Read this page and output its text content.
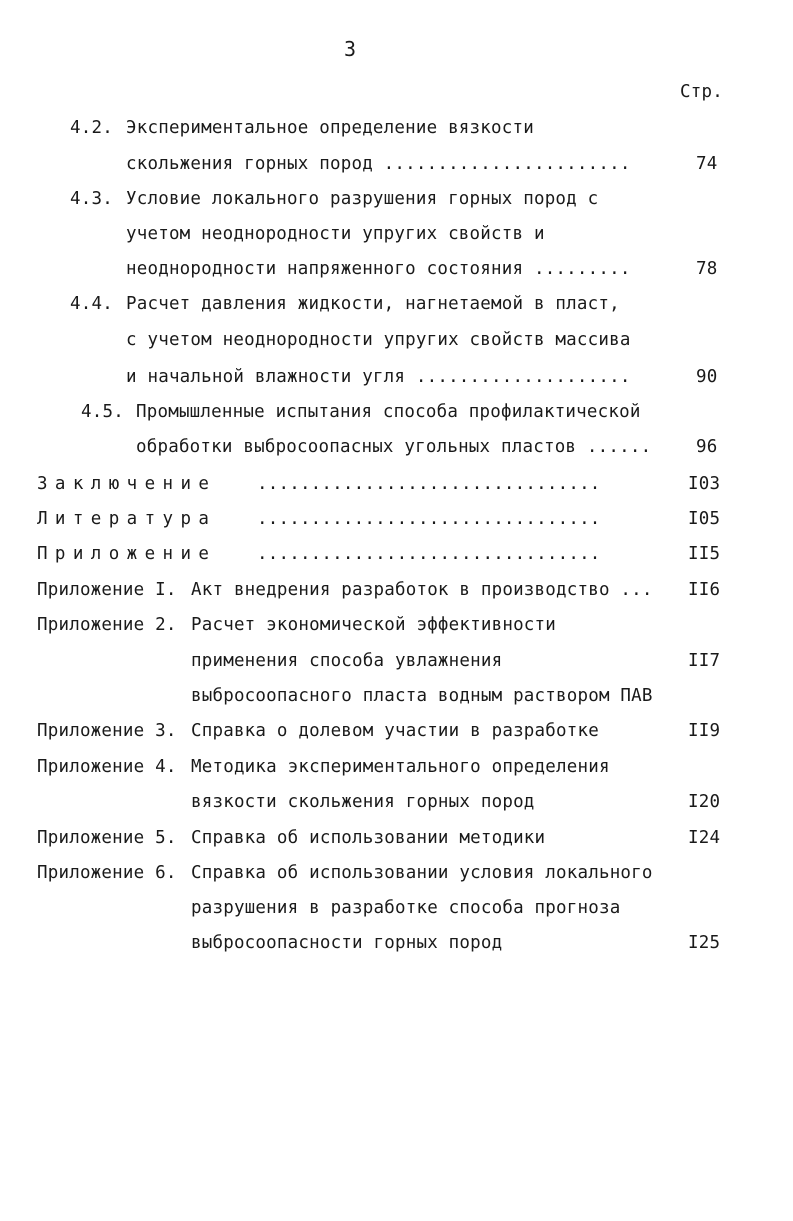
3
Стр.
4.2. Экспериментальное определение вязкости
скольжения горных пород .......................	74
4.3. Условие локального разрушения горных пород с
учетом неоднородности упругих свойств и
неоднородности напряженного состояния .........	78
4.4. Расчет давления жидкости, нагнетаемой в пласт,
с учетом неоднородности упругих свойств массива
и начальной влажности угля ....................	90
4.5. Промышленные испытания способа профилактической
обработки выбросоопасных угольных пластов ......	96
Заключение ................................	I03
Литература ................................	I05
Приложение ................................	II5
Приложение I. Акт внедрения разработок в производство ... II6
Приложение 2. Расчет экономической эффективности
применения способа увлажнения	II7
выбросоопасного пласта водным раствором ПАВ
Приложение 3. Справка о долевом участии в разработке	II9
Приложение 4. Методика экспериментального определения
вязкости скольжения горных пород	I20
Приложение 5. Справка об использовании методики	I24
Приложение 6. Справка об использовании условия локального
разрушения в разработке способа прогноза
выбросоопасности горных пород	I25
